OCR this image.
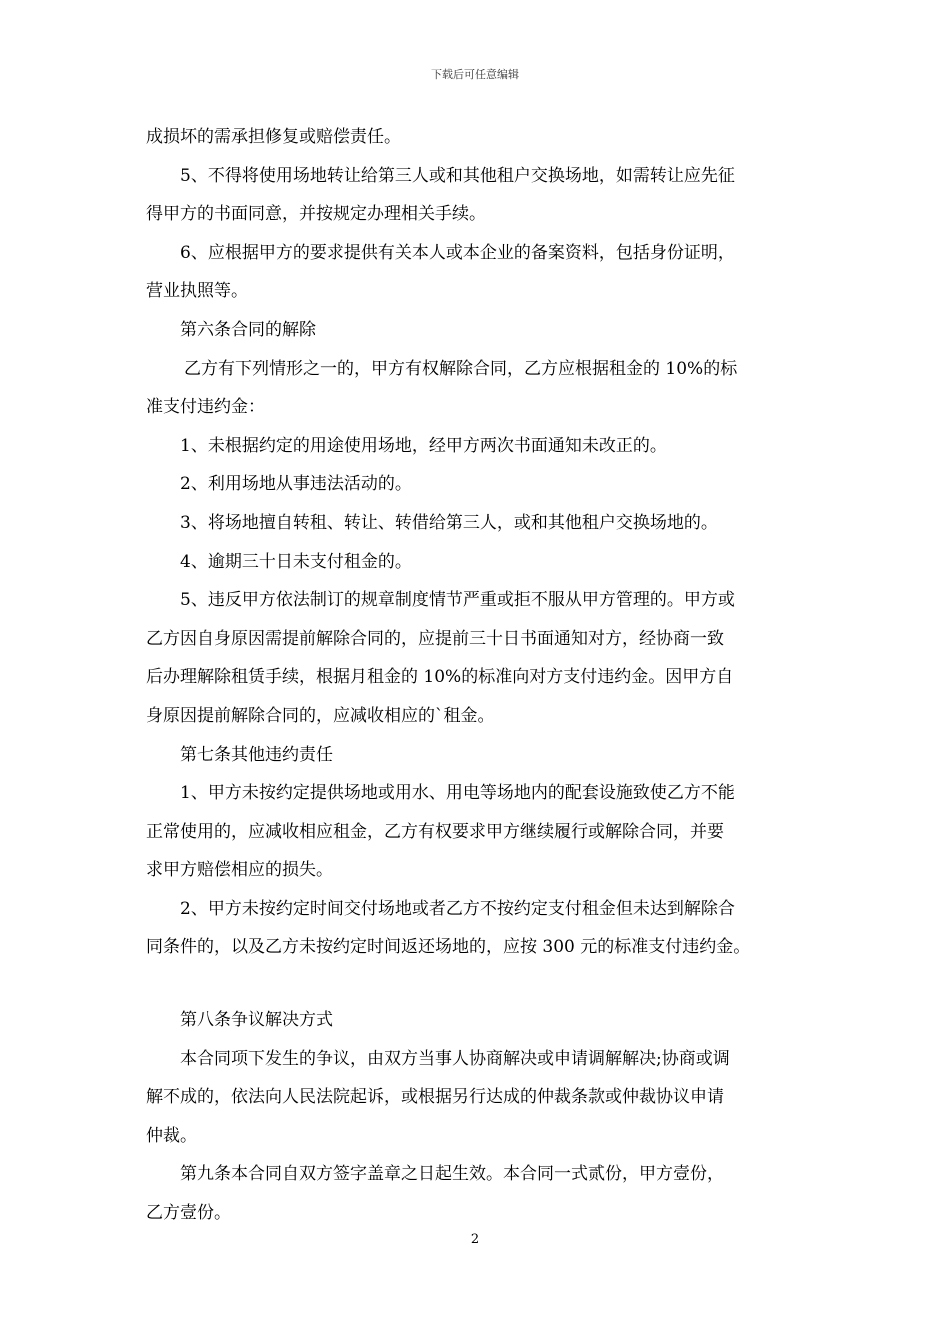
下载后可任意编辑
成损坏的需承担修复或赔偿责任。
5、不得将使用场地转让给第三人或和其他租户交换场地，如需转让应先征
得甲方的书面同意，并按规定办理相关手续。
6、应根据甲方的要求提供有关本人或本企业的备案资料，包括身份证明，
营业执照等。
第六条合同的解除
乙方有下列情形之一的，甲方有权解除合同，乙方应根据租金的 10%的标
准支付违约金：
1、未根据约定的用途使用场地，经甲方两次书面通知未改正的。
2、利用场地从事违法活动的。
3、将场地擅自转租、转让、转借给第三人，或和其他租户交换场地的。
4、逾期三十日未支付租金的。
5、违反甲方依法制订的规章制度情节严重或拒不服从甲方管理的。甲方或
乙方因自身原因需提前解除合同的，应提前三十日书面通知对方，经协商一致
后办理解除租赁手续，根据月租金的 10%的标准向对方支付违约金。因甲方自
身原因提前解除合同的，应减收相应的`租金。
第七条其他违约责任
1、甲方未按约定提供场地或用水、用电等场地内的配套设施致使乙方不能
正常使用的，应减收相应租金，乙方有权要求甲方继续履行或解除合同，并要
求甲方赔偿相应的损失。
2、甲方未按约定时间交付场地或者乙方不按约定支付租金但未达到解除合
同条件的，以及乙方未按约定时间返还场地的，应按 300 元的标准支付违约金。
第八条争议解决方式
本合同项下发生的争议，由双方当事人协商解决或申请调解解决;协商或调
解不成的，依法向人民法院起诉，或根据另行达成的仲裁条款或仲裁协议申请
仲裁。
第九条本合同自双方签字盖章之日起生效。本合同一式贰份，甲方壹份，
乙方壹份。
2
